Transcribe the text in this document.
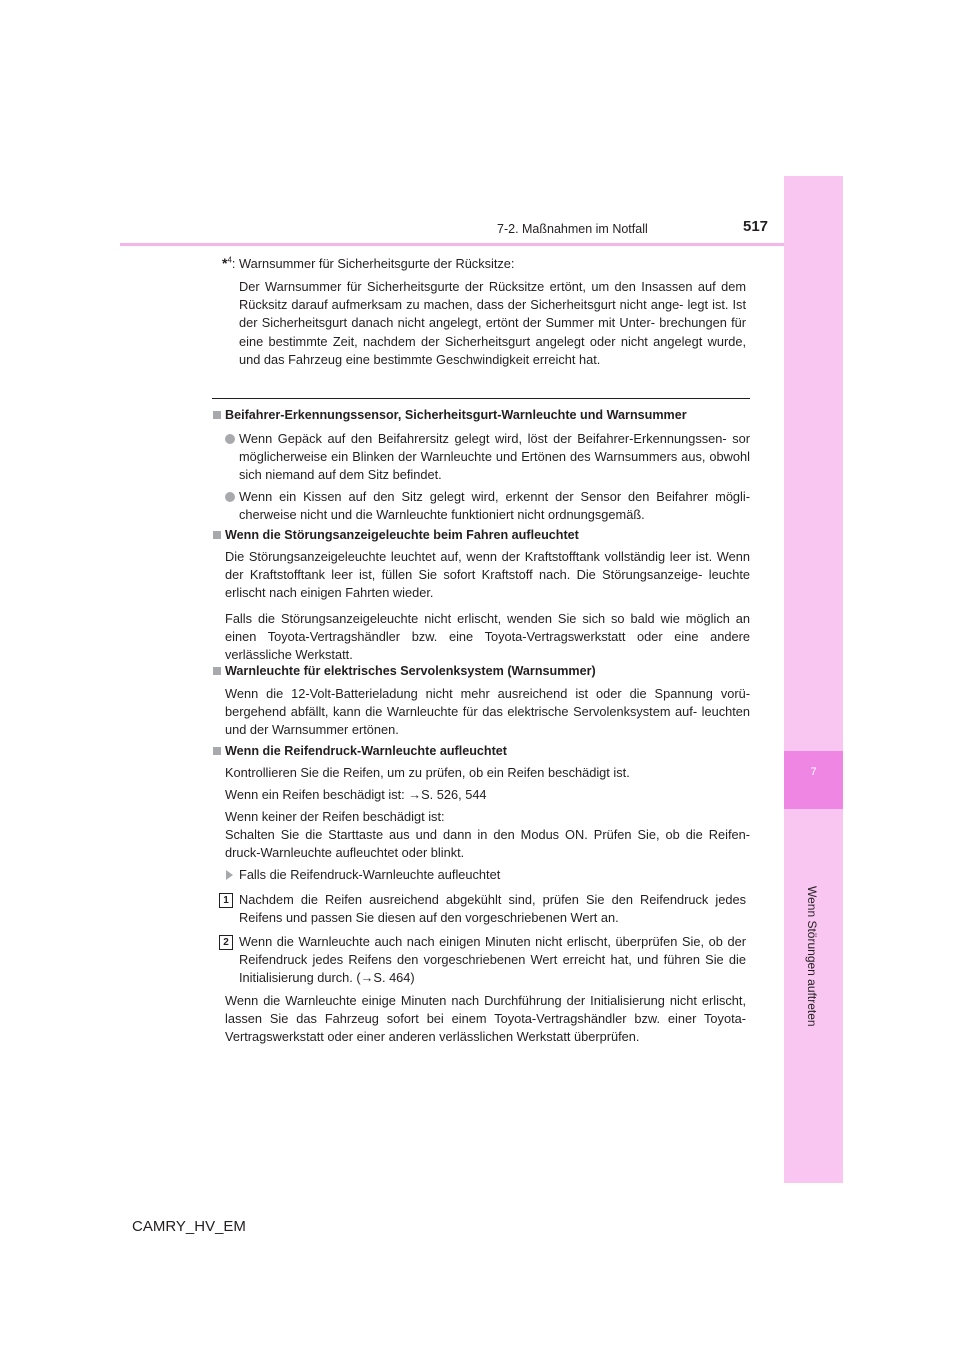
7
Wenn Störungen auftreten
7-2. Maßnahmen im Notfall	517
*$^4$: Warnsummer für Sicherheitsgurte der Rücksitze:
Der Warnsummer für Sicherheitsgurte der Rücksitze ertönt, um den Insassen auf dem Rücksitz darauf aufmerksam zu machen, dass der Sicherheitsgurt nicht ange- legt ist. Ist der Sicherheitsgurt danach nicht angelegt, ertönt der Summer mit Unter- brechungen für eine bestimmte Zeit, nachdem der Sicherheitsgurt angelegt oder nicht angelegt wurde, und das Fahrzeug eine bestimmte Geschwindigkeit erreicht hat.
Beifahrer-Erkennungssensor, Sicherheitsgurt-Warnleuchte und Warnsummer
Wenn Gepäck auf den Beifahrersitz gelegt wird, löst der Beifahrer-Erkennungssen- sor möglicherweise ein Blinken der Warnleuchte und Ertönen des Warnsummers aus, obwohl sich niemand auf dem Sitz befindet.
Wenn ein Kissen auf den Sitz gelegt wird, erkennt der Sensor den Beifahrer mögli- cherweise nicht und die Warnleuchte funktioniert nicht ordnungsgemäß.
Wenn die Störungsanzeigeleuchte beim Fahren aufleuchtet
Die Störungsanzeigeleuchte leuchtet auf, wenn der Kraftstofftank vollständig leer ist. Wenn der Kraftstofftank leer ist, füllen Sie sofort Kraftstoff nach. Die Störungsanzeige- leuchte erlischt nach einigen Fahrten wieder.
Falls die Störungsanzeigeleuchte nicht erlischt, wenden Sie sich so bald wie möglich an einen Toyota-Vertragshändler bzw. eine Toyota-Vertragswerkstatt oder eine andere verlässliche Werkstatt.
Warnleuchte für elektrisches Servolenksystem (Warnsummer)
Wenn die 12-Volt-Batterieladung nicht mehr ausreichend ist oder die Spannung vorü- bergehend abfällt, kann die Warnleuchte für das elektrische Servolenksystem auf- leuchten und der Warnsummer ertönen.
Wenn die Reifendruck-Warnleuchte aufleuchtet
Kontrollieren Sie die Reifen, um zu prüfen, ob ein Reifen beschädigt ist.
Wenn ein Reifen beschädigt ist: →S. 526, 544
Wenn keiner der Reifen beschädigt ist:
Schalten Sie die Starttaste aus und dann in den Modus ON. Prüfen Sie, ob die Reifen- druck-Warnleuchte aufleuchtet oder blinkt.
Falls die Reifendruck-Warnleuchte aufleuchtet
1 Nachdem die Reifen ausreichend abgekühlt sind, prüfen Sie den Reifendruck jedes Reifens und passen Sie diesen auf den vorgeschriebenen Wert an.
2 Wenn die Warnleuchte auch nach einigen Minuten nicht erlischt, überprüfen Sie, ob der Reifendruck jedes Reifens den vorgeschriebenen Wert erreicht hat, und führen Sie die Initialisierung durch. (→S. 464)
Wenn die Warnleuchte einige Minuten nach Durchführung der Initialisierung nicht erlischt, lassen Sie das Fahrzeug sofort bei einem Toyota-Vertragshändler bzw. einer Toyota-Vertragswerkstatt oder einer anderen verlässlichen Werkstatt überprüfen.
CAMRY_HV_EM
